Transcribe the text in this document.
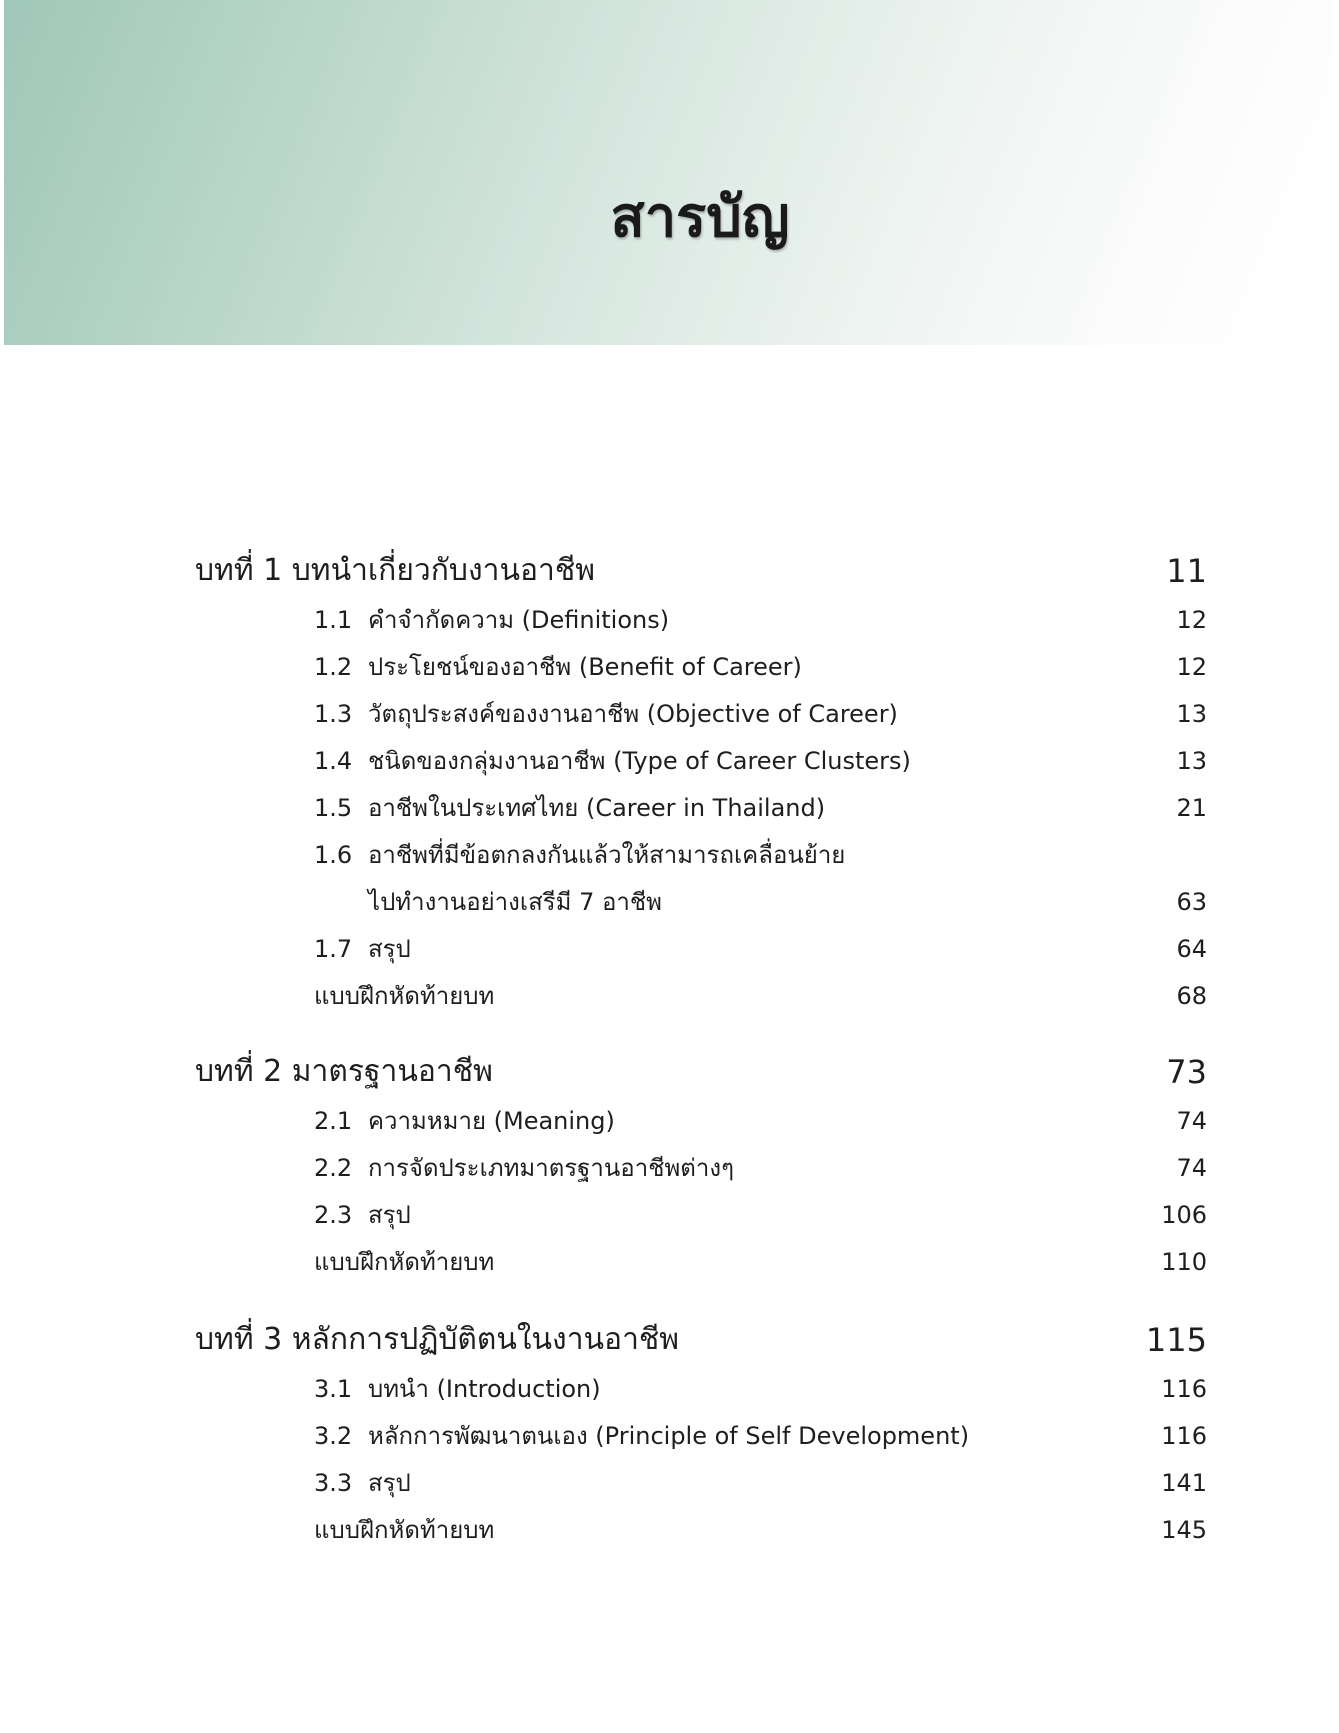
สารบัญ
บทที่ 1 บทนำเกี่ยวกับงานอาชีพ	11
1.1 คำจำกัดความ (Definitions)	12
1.2 ประโยชน์ของอาชีพ (Benefit of Career)	12
1.3 วัตถุประสงค์ของงานอาชีพ (Objective of Career)	13
1.4 ชนิดของกลุ่มงานอาชีพ (Type of Career Clusters)	13
1.5 อาชีพในประเทศไทย (Career in Thailand)	21
1.6 อาชีพที่มีข้อตกลงกันแล้วให้สามารถเคลื่อนย้าย
ไปทำงานอย่างเสรีมี 7 อาชีพ	63
1.7 สรุป	64
แบบฝึกหัดท้ายบท	68
บทที่ 2 มาตรฐานอาชีพ	73
2.1 ความหมาย (Meaning)	74
2.2 การจัดประเภทมาตรฐานอาชีพต่างๆ	74
2.3 สรุป	106
แบบฝึกหัดท้ายบท	110
บทที่ 3 หลักการปฏิบัติตนในงานอาชีพ	115
3.1 บทนำ (Introduction)	116
3.2 หลักการพัฒนาตนเอง (Principle of Self Development)	116
3.3 สรุป	141
แบบฝึกหัดท้ายบท	145
